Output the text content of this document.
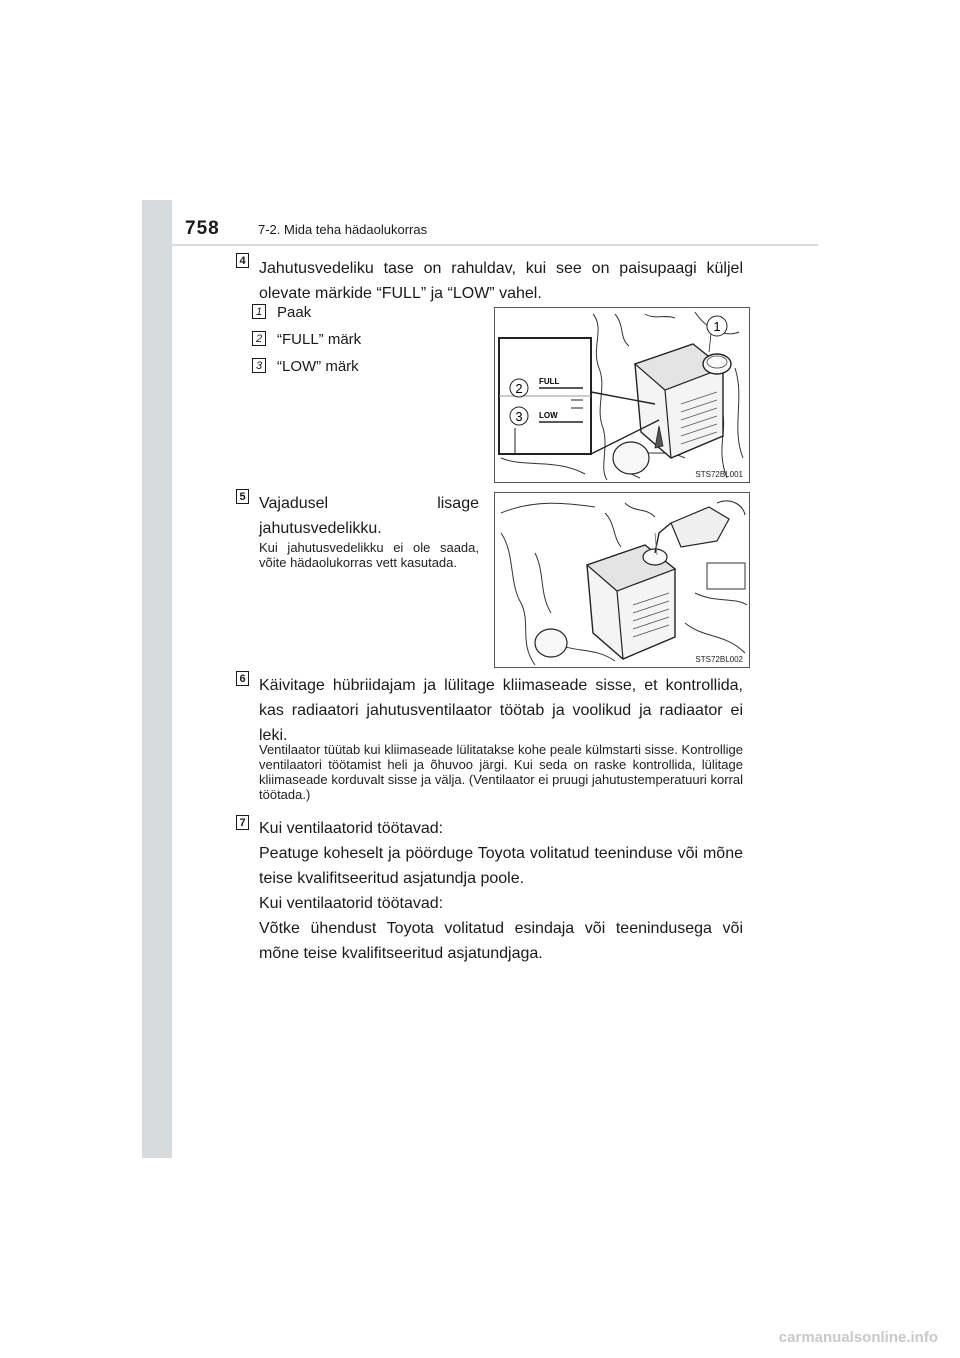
758	7-2. Mida teha hädaolukorras
4 Jahutusvedeliku tase on rahuldav, kui see on paisupaagi küljel olevate märkide “FULL” ja “LOW” vahel.
1 Paak
2 “FULL” märk
3 “LOW” märk
1
2
3
FULL
LOW
STS72BL001
5 Vajadusel lisage jahutusvedelikku.
Kui jahutusvedelikku ei ole saada, võite hädaolukorras vett kasutada.
STS72BL002
6 Käivitage hübriidajam ja lülitage kliimaseade sisse, et kontrollida, kas radiaatori jahutusventilaator töötab ja voolikud ja radiaator ei leki.
Ventilaator tüütab kui kliimaseade lülitatakse kohe peale külmstarti sisse. Kontrollige ventilaatori töötamist heli ja õhuvoo järgi. Kui seda on raske kontrollida, lülitage kliimaseade korduvalt sisse ja välja. (Ventilaator ei pruugi jahutustemperatuuri korral töötada.)
7 Kui ventilaatorid töötavad:
Peatuge koheselt ja pöörduge Toyota volitatud teeninduse või mõne teise kvalifitseeritud asjatundja poole.
Kui ventilaatorid töötavad:
Võtke ühendust Toyota volitatud esindaja või teenindusega või mõne teise kvalifitseeritud asjatundjaga.
carmanualsonline.info
